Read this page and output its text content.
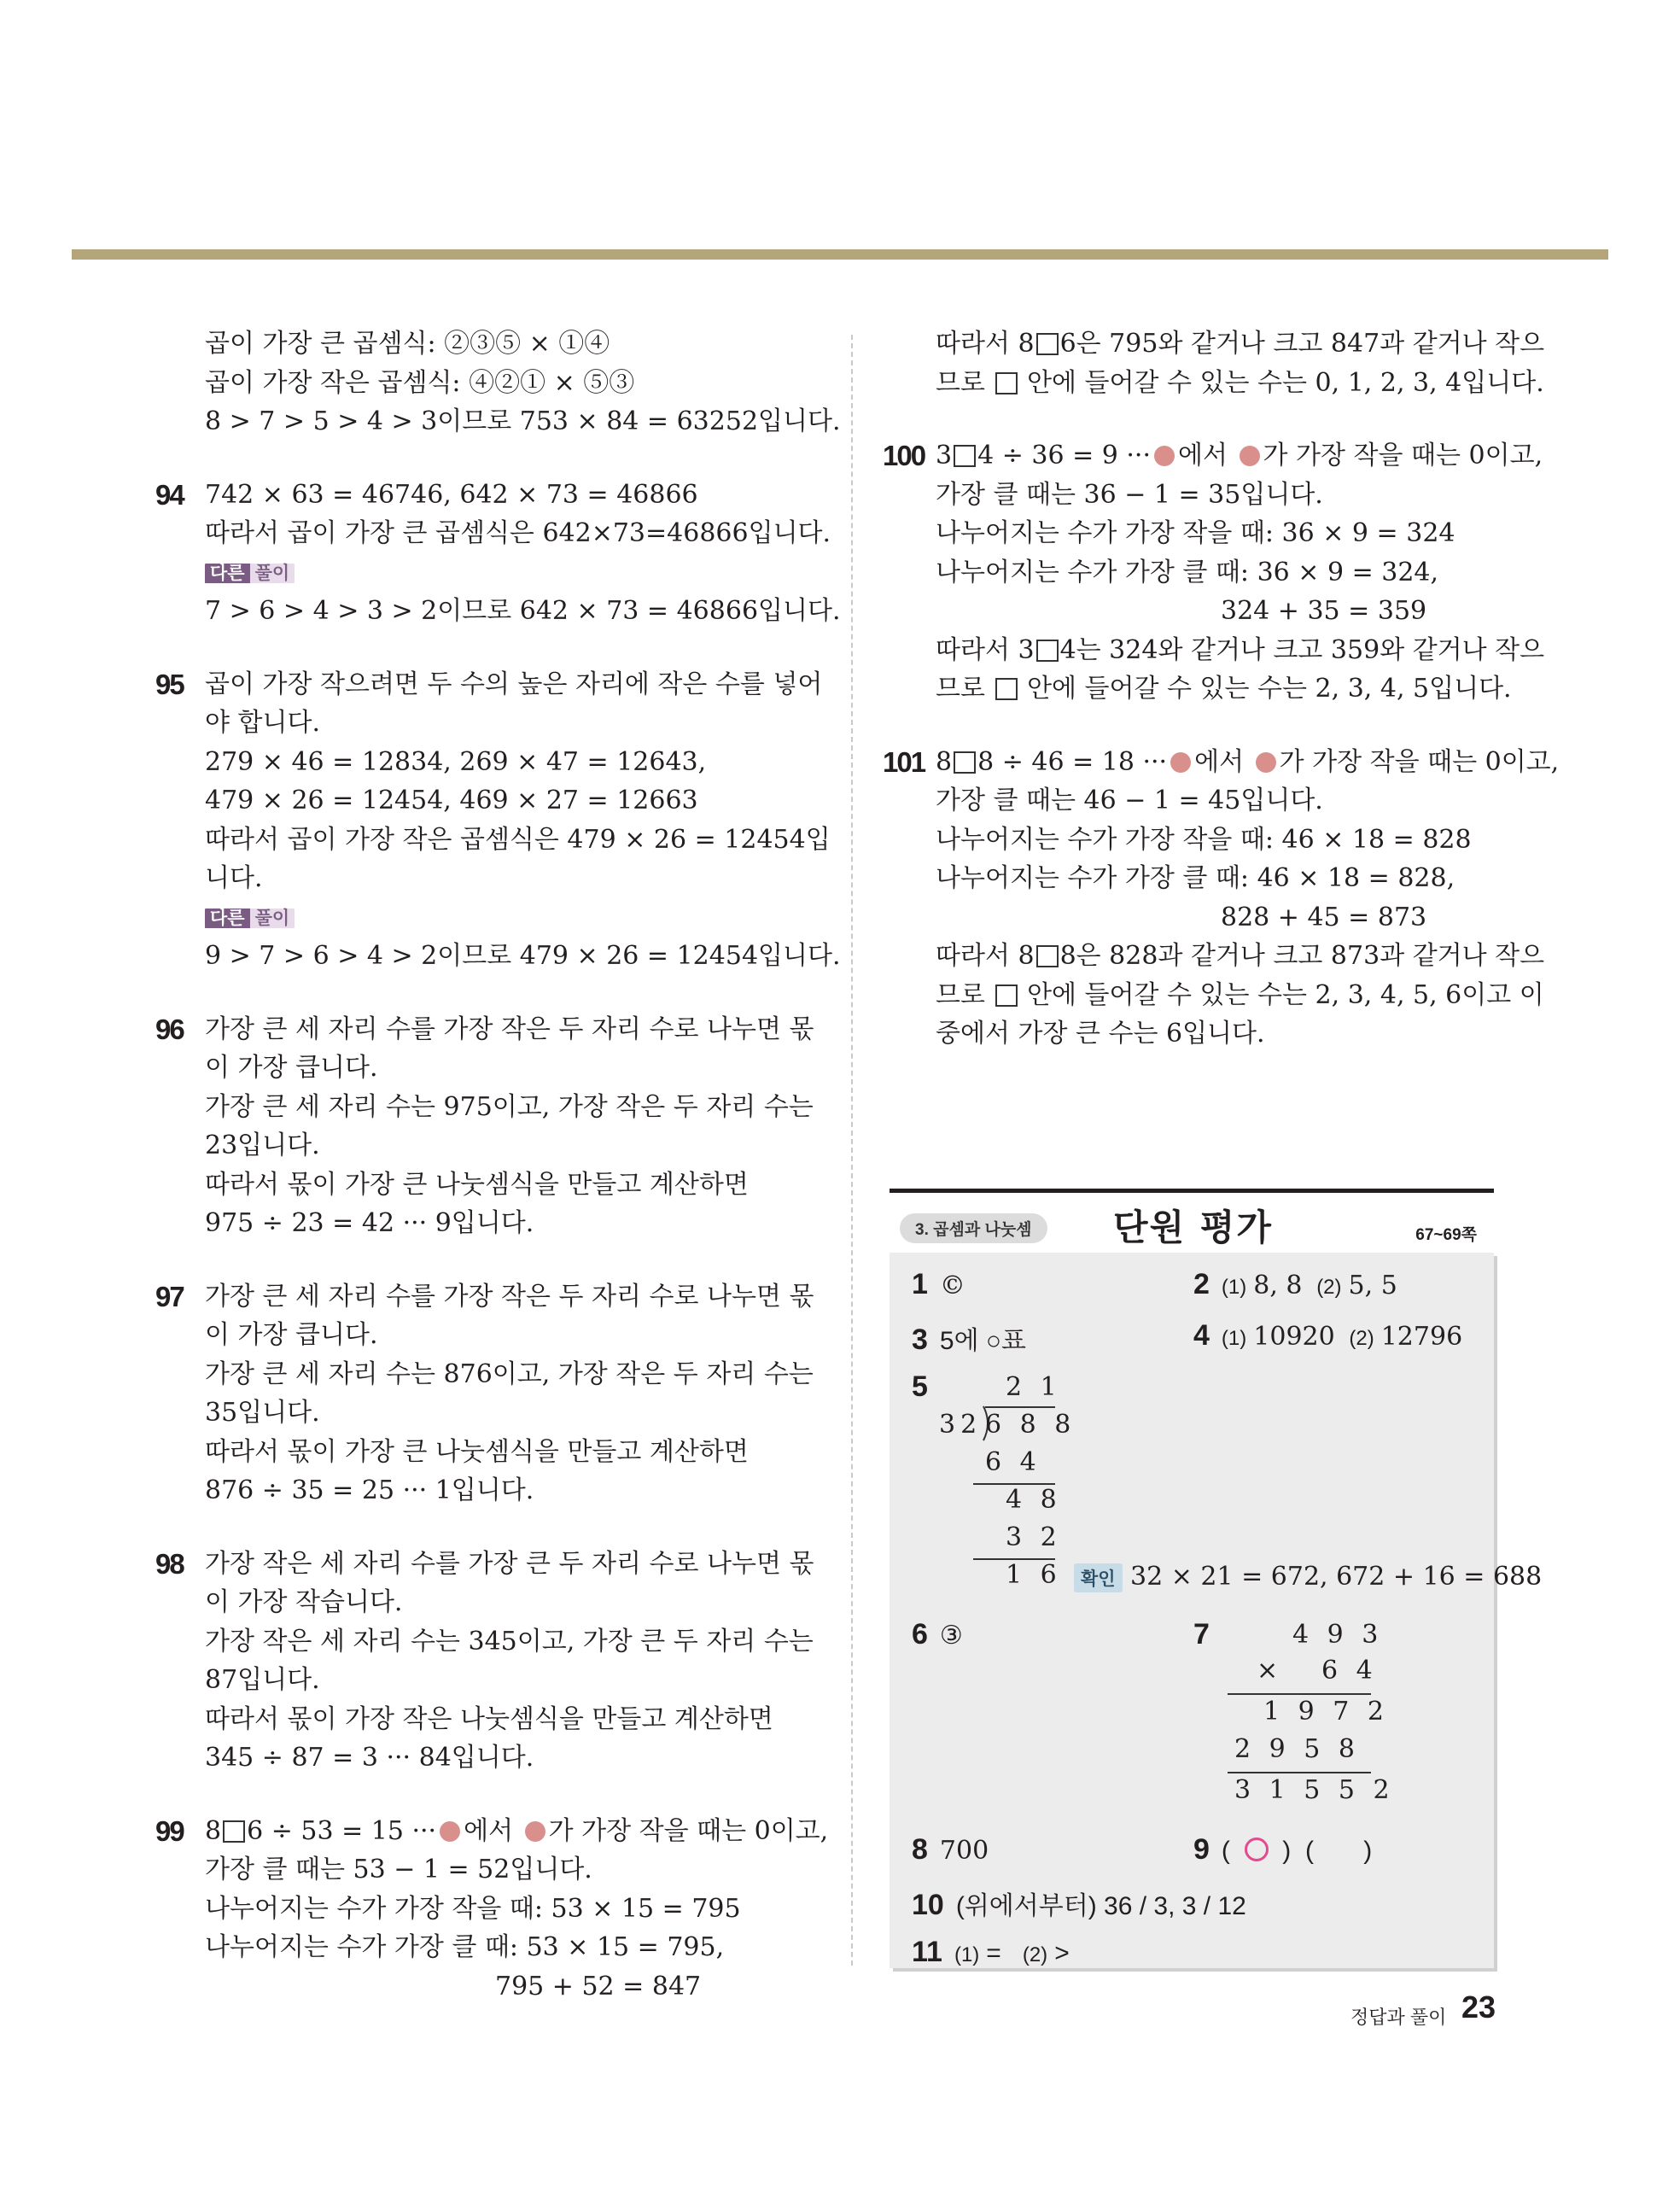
곱이 가장 큰 곱셈식: ②③⑤ × ①④
곱이 가장 작은 곱셈식: ④②① × ⑤③
8 > 7 > 5 > 4 > 3이므로 753 × 84 = 63252입니다.
94 742 × 63 = 46746, 642 × 73 = 46866
따라서 곱이 가장 큰 곱셈식은 642×73=46866입니다.
다른 풀이
7 > 6 > 4 > 3 > 2이므로 642 × 73 = 46866입니다.
95 곱이 가장 작으려면 두 수의 높은 자리에 작은 수를 넣어
야 합니다.
279 × 46 = 12834, 269 × 47 = 12643,
479 × 26 = 12454, 469 × 27 = 12663
따라서 곱이 가장 작은 곱셈식은 479 × 26 = 12454입
니다.
다른 풀이
9 > 7 > 6 > 4 > 2이므로 479 × 26 = 12454입니다.
96 가장 큰 세 자리 수를 가장 작은 두 자리 수로 나누면 몫
이 가장 큽니다.
가장 큰 세 자리 수는 975이고, 가장 작은 두 자리 수는
23입니다.
따라서 몫이 가장 큰 나눗셈식을 만들고 계산하면
975 ÷ 23 = 42 ··· 9입니다.
97 가장 큰 세 자리 수를 가장 작은 두 자리 수로 나누면 몫
이 가장 큽니다.
가장 큰 세 자리 수는 876이고, 가장 작은 두 자리 수는
35입니다.
따라서 몫이 가장 큰 나눗셈식을 만들고 계산하면
876 ÷ 35 = 25 ··· 1입니다.
98 가장 작은 세 자리 수를 가장 큰 두 자리 수로 나누면 몫
이 가장 작습니다.
가장 작은 세 자리 수는 345이고, 가장 큰 두 자리 수는
87입니다.
따라서 몫이 가장 작은 나눗셈식을 만들고 계산하면
345 ÷ 87 = 3 ··· 84입니다.
99 8 6 ÷ 53 = 15 ··· 에서 가 가장 작을 때는 0이고,
가장 클 때는 53 − 1 = 52입니다.
나누어지는 수가 가장 작을 때: 53 × 15 = 795
나누어지는 수가 가장 클 때: 53 × 15 = 795,
795 + 52 = 847
따라서 8 6은 795와 같거나 크고 847과 같거나 작으
므로 안에 들어갈 수 있는 수는 0, 1, 2, 3, 4입니다.
100 3 4 ÷ 36 = 9 ··· 에서 가 가장 작을 때는 0이고,
가장 클 때는 36 − 1 = 35입니다.
나누어지는 수가 가장 작을 때: 36 × 9 = 324
나누어지는 수가 가장 클 때: 36 × 9 = 324,
324 + 35 = 359
따라서 3 4는 324와 같거나 크고 359와 같거나 작으
므로 안에 들어갈 수 있는 수는 2, 3, 4, 5입니다.
101 8 8 ÷ 46 = 18 ··· 에서 가 가장 작을 때는 0이고,
가장 클 때는 46 − 1 = 45입니다.
나누어지는 수가 가장 작을 때: 46 × 18 = 828
나누어지는 수가 가장 클 때: 46 × 18 = 828,
828 + 45 = 873
따라서 8 8은 828과 같거나 크고 873과 같거나 작으
므로 안에 들어갈 수 있는 수는 2, 3, 4, 5, 6이고 이
중에서 가장 큰 수는 6입니다.
3. 곱셈과 나눗셈	단원 평가	67~69쪽
1 ©	2 (1) 8, 8 (2) 5, 5
3 5에 ○표	4 (1) 10920 (2) 12796
5	2 1
32 6 8 8
6 4
4 8
3 2
1 6	확인 32 × 21 = 672, 672 + 16 = 688
6 ③	7	4 9 3
× 6 4
1 9 7 2
2 9 5 8
3 1 5 5 2
8 700	9 ( ○ ) ( )
10 (위에서부터) 36 / 3, 3 / 12
11 (1) = (2) >
정답과 풀이 23
